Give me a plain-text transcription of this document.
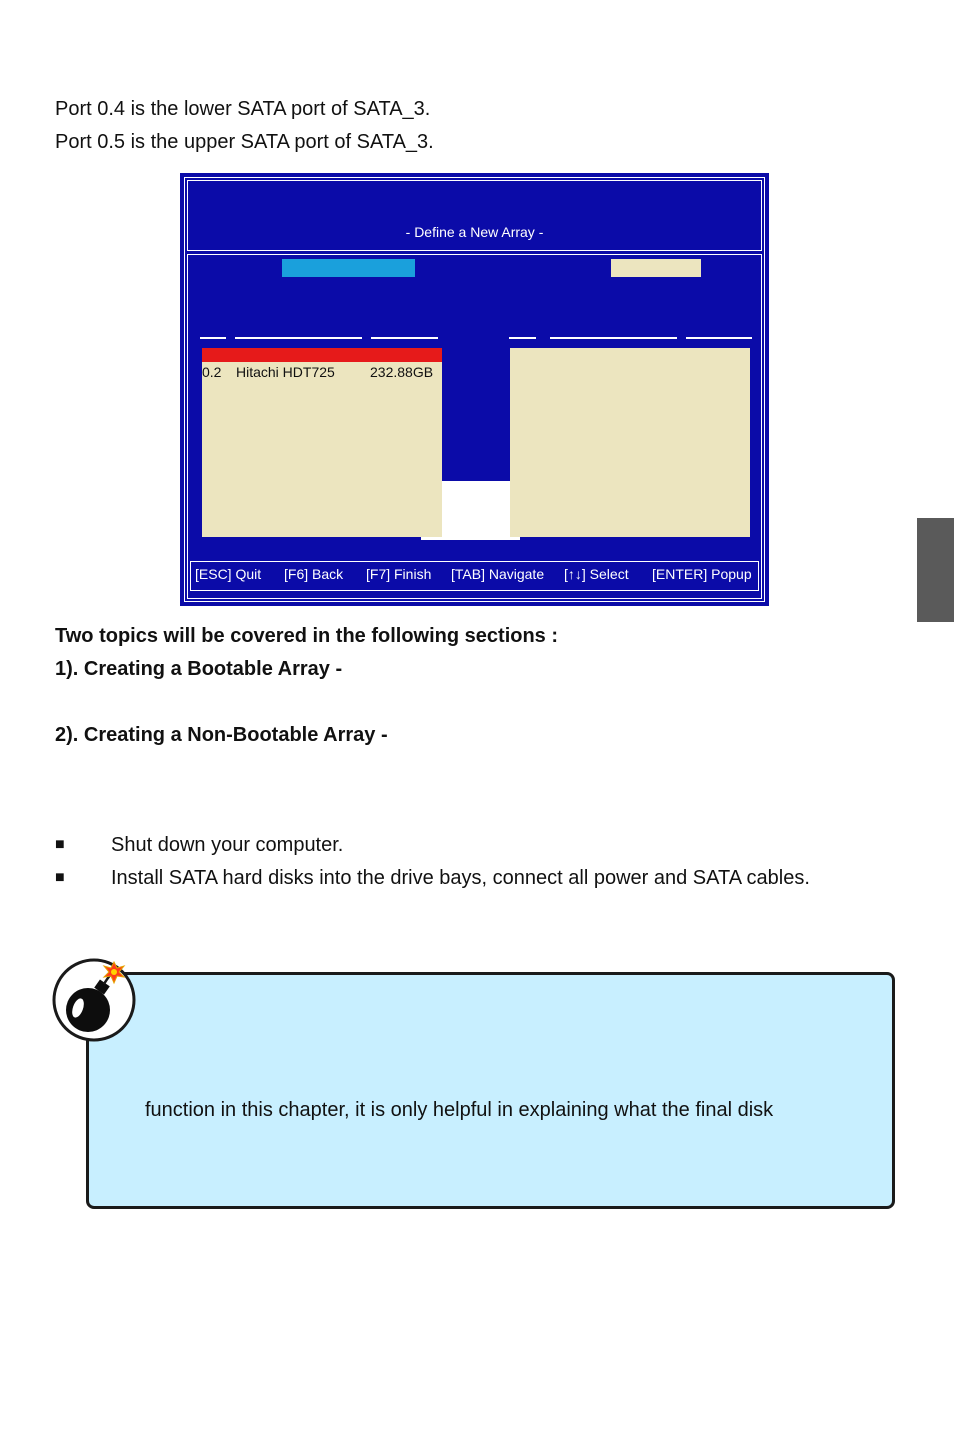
Port 0.4 is the lower SATA port of SATA_3.
Port 0.5 is the upper SATA port of SATA_3.
- Define a New Array -
0.2 Hitachi HDT725	232.88GB
[ESC] Quit [F6] Back [F7] Finish [TAB] Navigate [↑↓] Select [ENTER] Popup
Two topics will be covered in the following sections :
1). Creating a Bootable Array -
2). Creating a Non-Bootable Array -
■ Shut down your computer.
■ Install SATA hard disks into the drive bays, connect all power and SATA cables.
function in this chapter, it is only helpful in explaining what the final disk
